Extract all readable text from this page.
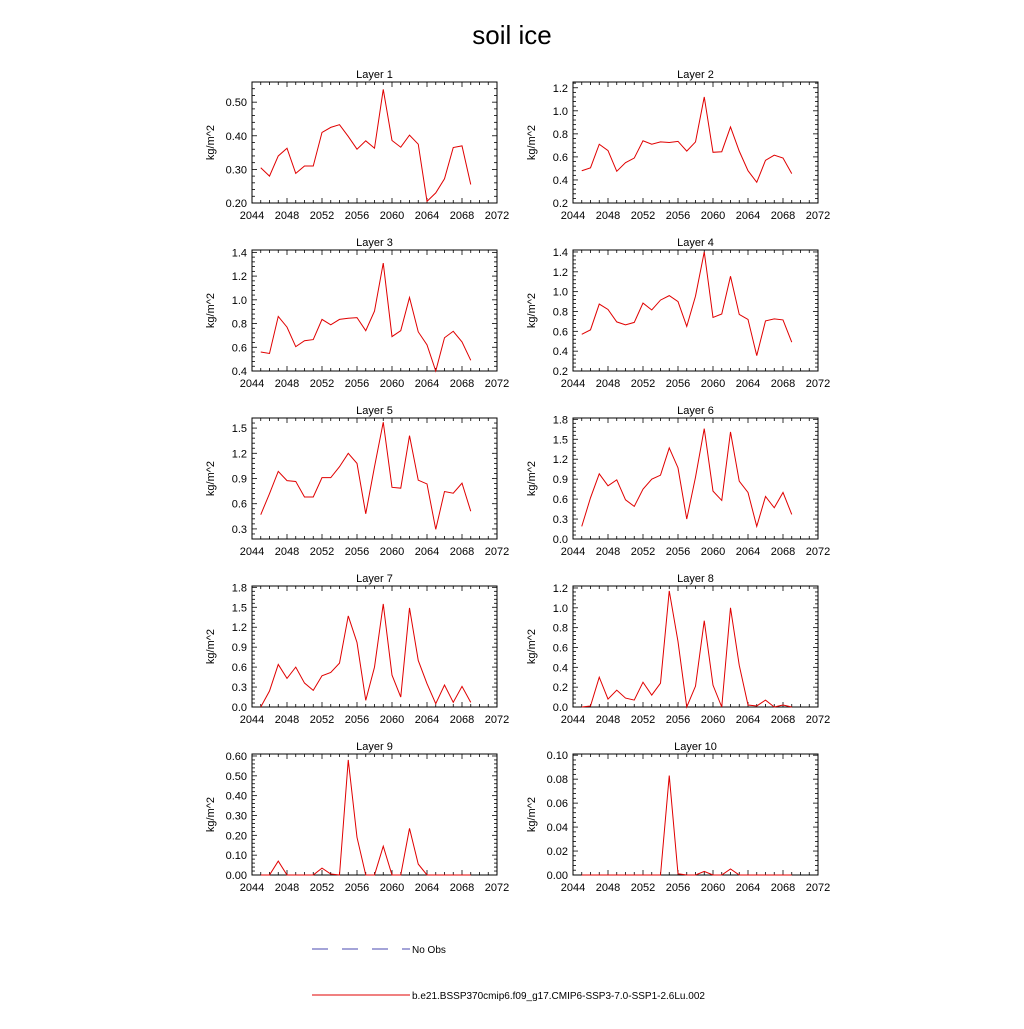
soil ice
Layer 1
kg/m^2
2044 2048 2052 2056 2060 2064 2068 2072
0.20
0.30
0.40
0.50
Layer 2
kg/m^2
2044 2048 2052 2056 2060 2064 2068 2072
0.2
0.4
0.6
0.8
1.0
1.2
Layer 3
kg/m^2
2044 2048 2052 2056 2060 2064 2068 2072
0.4
0.6
0.8
1.0
1.2
1.4
Layer 4
kg/m^2
2044 2048 2052 2056 2060 2064 2068 2072
0.2
0.4
0.6
0.8
1.0
1.2
1.4
Layer 5
kg/m^2
2044 2048 2052 2056 2060 2064 2068 2072
0.3
0.6
0.9
1.2
1.5
Layer 6
kg/m^2
2044 2048 2052 2056 2060 2064 2068 2072
0.0
0.3
0.6
0.9
1.2
1.5
1.8
Layer 7
kg/m^2
2044 2048 2052 2056 2060 2064 2068 2072
0.0
0.3
0.6
0.9
1.2
1.5
1.8
Layer 8
kg/m^2
2044 2048 2052 2056 2060 2064 2068 2072
0.0
0.2
0.4
0.6
0.8
1.0
1.2
Layer 9
kg/m^2
2044 2048 2052 2056 2060 2064 2068 2072
0.00
0.10
0.20
0.30
0.40
0.50
0.60
Layer 10
kg/m^2
2044 2048 2052 2056 2060 2064 2068 2072
0.00
0.02
0.04
0.06
0.08
0.10
No Obs
b.e21.BSSP370cmip6.f09_g17.CMIP6-SSP3-7.0-SSP1-2.6Lu.002
